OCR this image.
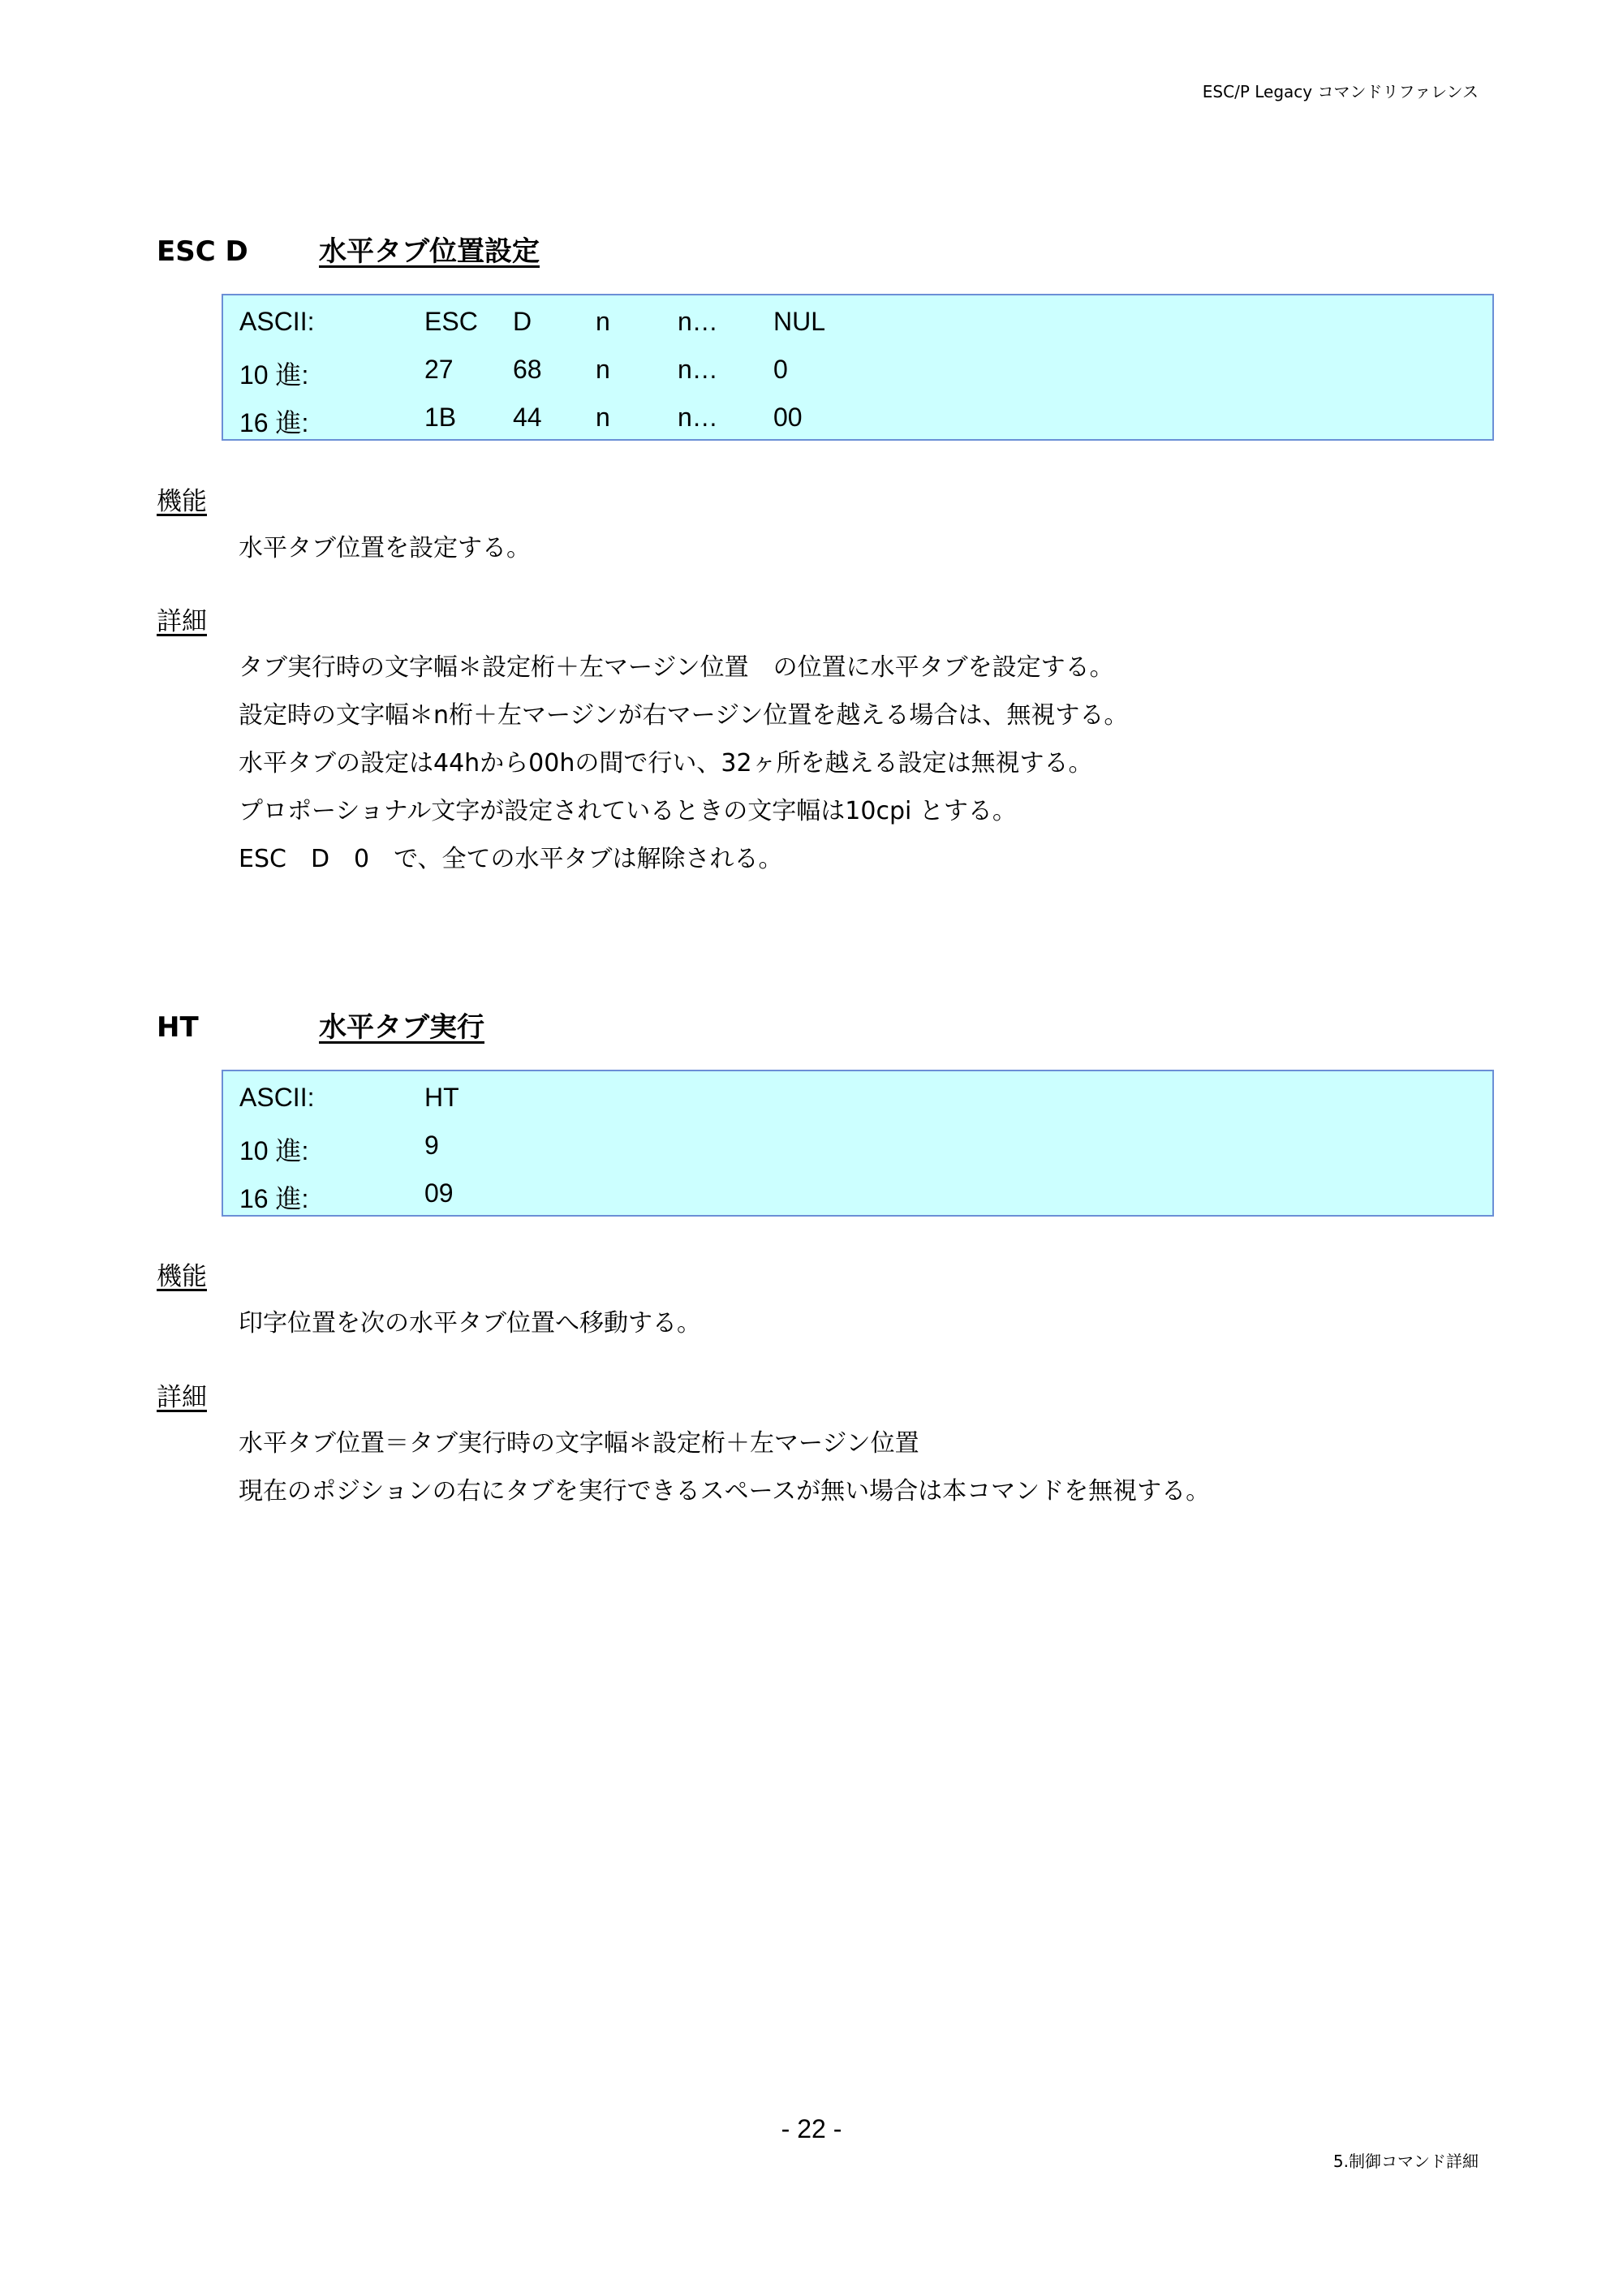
ESC/P Legacy コマンドリファレンス
ESC D	水平タブ位置設定
ASCII:	ESC D n	n… NUL
10 進:	27 68 n	n… 0
16 進:	1B 44 n	n… 00
機能
水平タブ位置を設定する。
詳細
タブ実行時の文字幅＊設定桁＋左マージン位置　の位置に水平タブを設定する。
設定時の文字幅＊n桁＋左マージンが右マージン位置を越える場合は、無視する。
水平タブの設定は44hから00hの間で行い、32ヶ所を越える設定は無視する。
プロポーショナル文字が設定されているときの文字幅は10cpi とする。
ESC　D　0　で、全ての水平タブは解除される。
HT	水平タブ実行
ASCII:	HT
10 進:	9
16 進:	09
機能
印字位置を次の水平タブ位置へ移動する。
詳細
水平タブ位置＝タブ実行時の文字幅＊設定桁＋左マージン位置
現在のポジションの右にタブを実行できるスペースが無い場合は本コマンドを無視する。
- 22 -
5.制御コマンド詳細
